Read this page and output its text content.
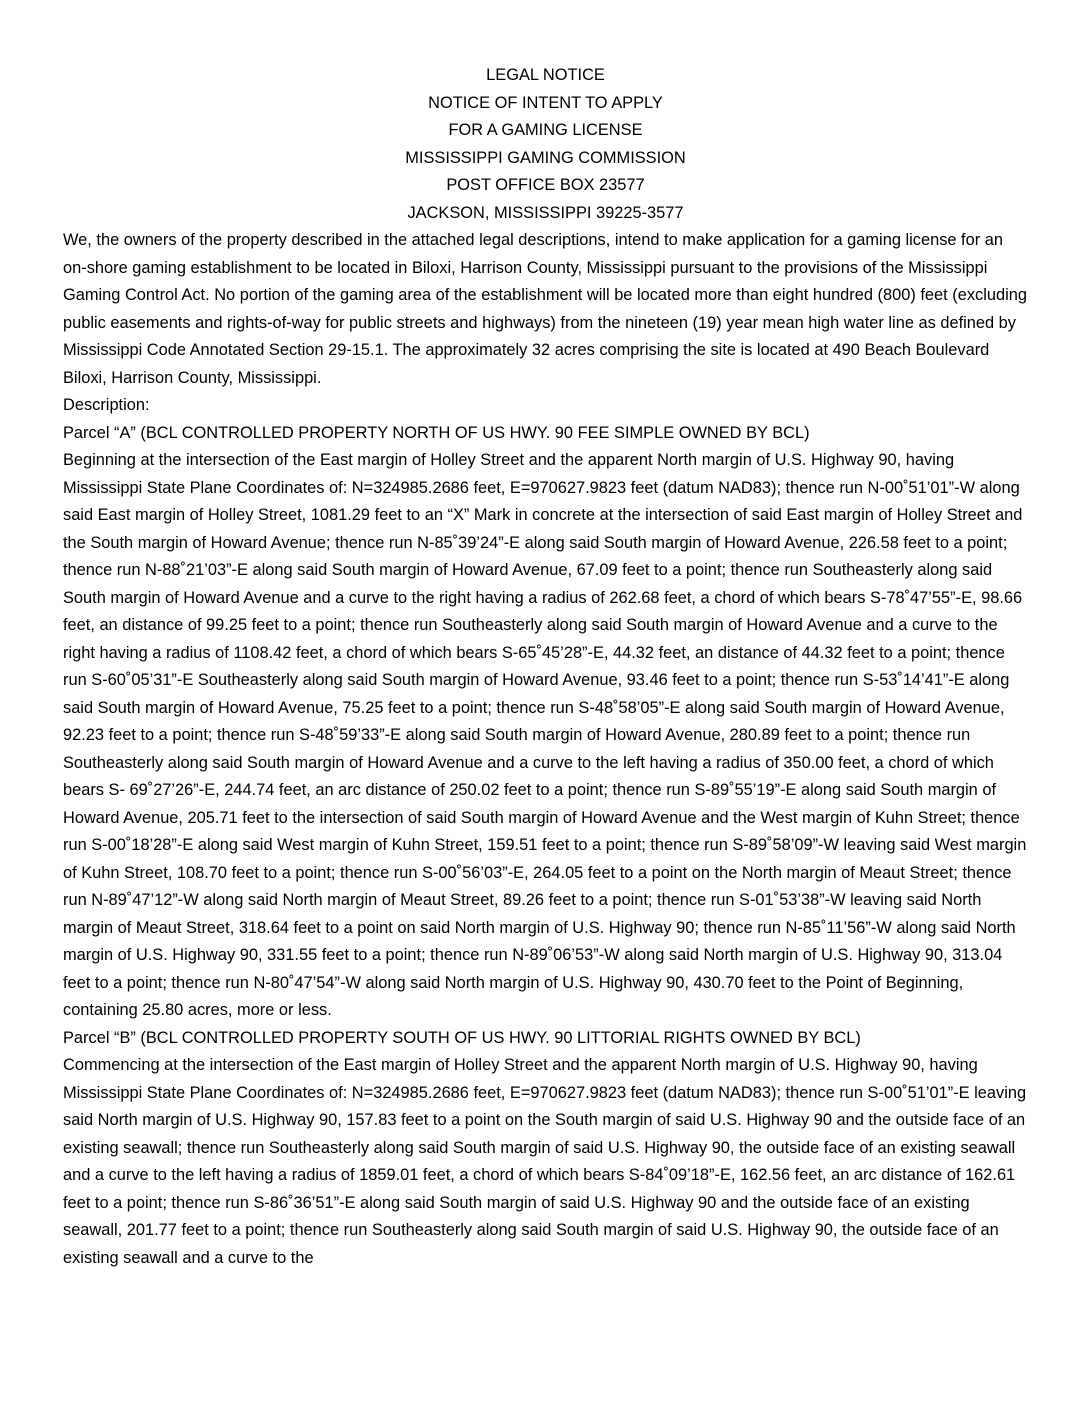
LEGAL NOTICE
NOTICE OF INTENT TO APPLY
FOR A GAMING LICENSE
MISSISSIPPI GAMING COMMISSION
POST OFFICE BOX 23577
JACKSON, MISSISSIPPI 39225-3577

We, the owners of the property described in the attached legal descriptions, intend to make application for a gaming license for an on-shore gaming establishment to be located in Biloxi, Harrison County, Mississippi pursuant to the provisions of the Mississippi Gaming Control Act. No portion of the gaming area of the establishment will be located more than eight hundred (800) feet (excluding public easements and rights-of-way for public streets and highways) from the nineteen (19) year mean high water line as defined by Mississippi Code Annotated Section 29-15.1. The approximately 32 acres comprising the site is located at 490 Beach Boulevard Biloxi, Harrison County, Mississippi.

Description:

Parcel “A” (BCL CONTROLLED PROPERTY NORTH OF US HWY. 90 FEE SIMPLE OWNED BY BCL)

Beginning at the intersection of the East margin of Holley Street and the apparent North margin of U.S. Highway 90, having Mississippi State Plane Coordinates of: N=324985.2686 feet, E=970627.9823 feet (datum NAD83); thence run N-00˚51’01”-W along said East margin of Holley Street, 1081.29 feet to an “X” Mark in concrete at the intersection of said East margin of Holley Street and the South margin of Howard Avenue; thence run N-85˚39’24”-E along said South margin of Howard Avenue, 226.58 feet to a point; thence run N-88˚21’03”-E along said South margin of Howard Avenue, 67.09 feet to a point; thence run Southeasterly along said South margin of Howard Avenue and a curve to the right having a radius of 262.68 feet, a chord of which bears S-78˚47’55”-E, 98.66 feet, an distance of 99.25 feet to a point; thence run Southeasterly along said South margin of Howard Avenue and a curve to the right having a radius of 1108.42 feet, a chord of which bears S-65˚45’28”-E, 44.32 feet, an distance of 44.32 feet to a point; thence run S-60˚05’31”-E Southeasterly along said South margin of Howard Avenue, 93.46 feet to a point; thence run S-53˚14’41”-E along said South margin of Howard Avenue, 75.25 feet to a point; thence run S-48˚58’05”-E along said South margin of Howard Avenue, 92.23 feet to a point; thence run S-48˚59’33”-E along said South margin of Howard Avenue, 280.89 feet to a point; thence run Southeasterly along said South margin of Howard Avenue and a curve to the left having a radius of 350.00 feet, a chord of which bears S- 69˚27’26”-E, 244.74 feet, an arc distance of 250.02 feet to a point; thence run S-89˚55’19”-E along said South margin of Howard Avenue, 205.71 feet to the intersection of said South margin of Howard Avenue and the West margin of Kuhn Street; thence run S-00˚18’28”-E along said West margin of Kuhn Street, 159.51 feet to a point; thence run S-89˚58’09”-W leaving said West margin of Kuhn Street, 108.70 feet to a point; thence run S-00˚56’03”-E, 264.05 feet to a point on the North margin of Meaut Street; thence run N-89˚47’12”-W along said North margin of Meaut Street, 89.26 feet to a point; thence run S-01˚53’38”-W leaving said North margin of Meaut Street, 318.64 feet to a point on said North margin of U.S. Highway 90; thence run N-85˚11’56”-W along said North margin of U.S. Highway 90, 331.55 feet to a point; thence run N-89˚06’53”-W along said North margin of U.S. Highway 90, 313.04 feet to a point; thence run N-80˚47’54”-W along said North margin of U.S. Highway 90, 430.70 feet to the Point of Beginning, containing 25.80 acres, more or less.

Parcel “B” (BCL CONTROLLED PROPERTY SOUTH OF US HWY. 90 LITTORIAL RIGHTS OWNED BY BCL)

Commencing at the intersection of the East margin of Holley Street and the apparent North margin of U.S. Highway 90, having Mississippi State Plane Coordinates of: N=324985.2686 feet, E=970627.9823 feet (datum NAD83); thence run S-00˚51’01”-E leaving said North margin of U.S. Highway 90, 157.83 feet to a point on the South margin of said U.S. Highway 90 and the outside face of an existing seawall; thence run Southeasterly along said South margin of said U.S. Highway 90, the outside face of an existing seawall and a curve to the left having a radius of 1859.01 feet, a chord of which bears S-84˚09’18”-E, 162.56 feet, an arc distance of 162.61 feet to a point; thence run S-86˚36’51”-E along said South margin of said U.S. Highway 90 and the outside face of an existing seawall, 201.77 feet to a point; thence run Southeasterly along said South margin of said U.S. Highway 90, the outside face of an existing seawall and a curve to the
